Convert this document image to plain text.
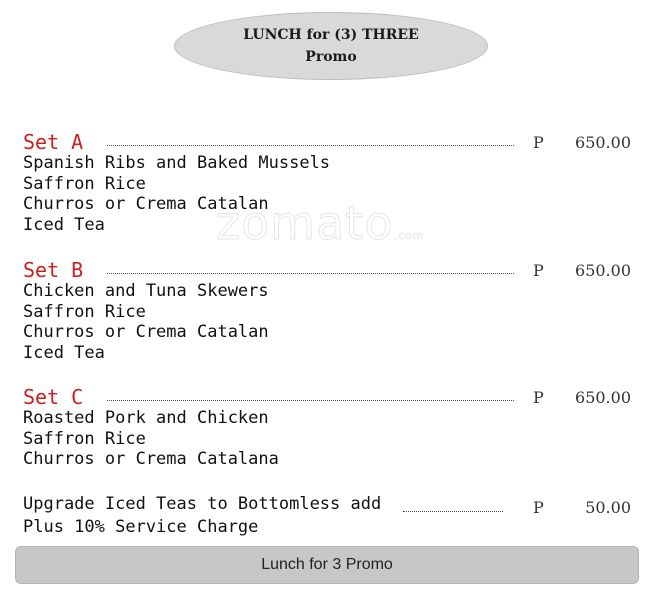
LUNCH for (3) THREE
Promo
zomato.com
Set A	P 650.00
Spanish Ribs and Baked Mussels
Saffron Rice
Churros or Crema Catalan
Iced Tea
Set B	P 650.00
Chicken and Tuna Skewers
Saffron Rice
Churros or Crema Catalan
Iced Tea
Set C	P 650.00
Roasted Pork and Chicken
Saffron Rice
Churros or Crema Catalana
Upgrade Iced Teas to Bottomless add	P	50.00
Plus 10% Service Charge
Lunch for 3 Promo
